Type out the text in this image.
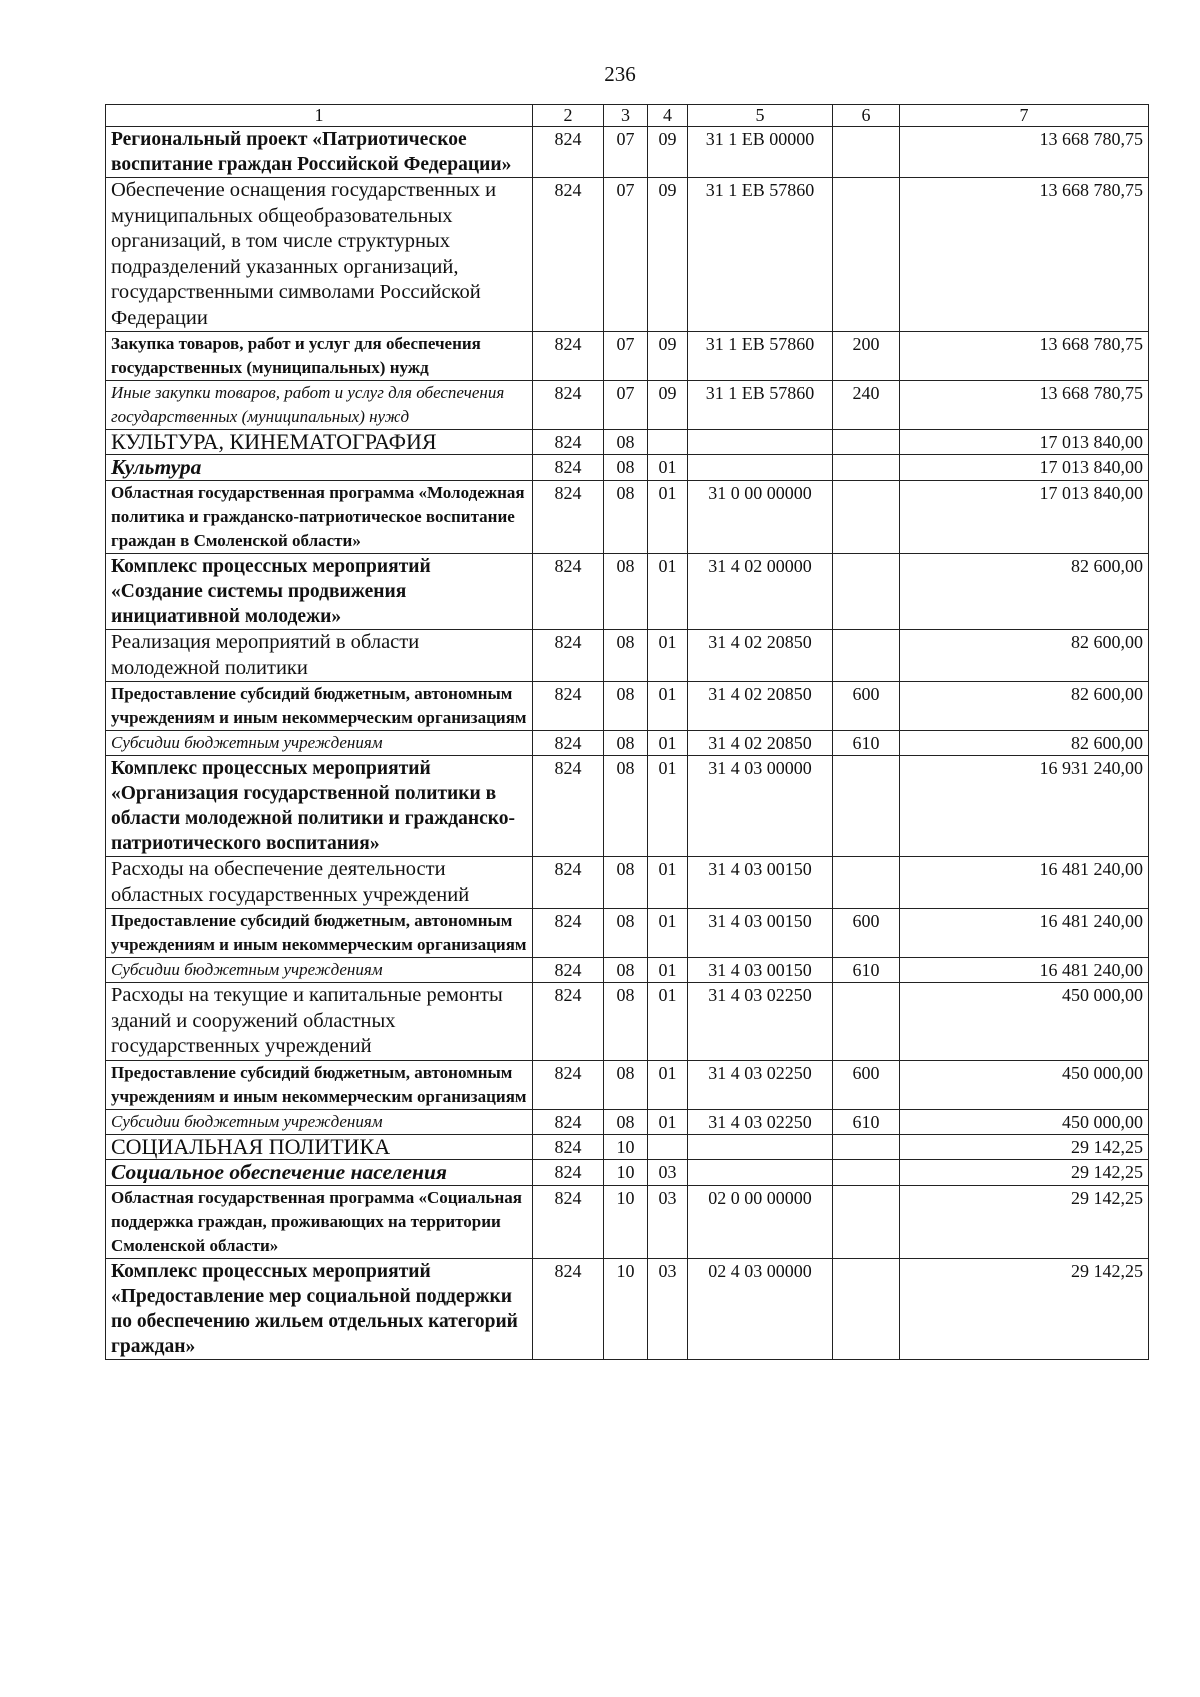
236
1	2	3	4	5	6	7
Региональный проект «Патриотическое воспитание граждан Российской Федерации»	824	07	09	31 1 ЕВ 00000		13 668 780,75
Обеспечение оснащения государственных и муниципальных общеобразовательных организаций, в том числе структурных подразделений указанных организаций, государственными символами Российской Федерации	824	07	09	31 1 ЕВ 57860		13 668 780,75
Закупка товаров, работ и услуг для обеспечения государственных (муниципальных) нужд	824	07	09	31 1 ЕВ 57860	200	13 668 780,75
Иные закупки товаров, работ и услуг для обеспечения государственных (муниципальных) нужд	824	07	09	31 1 ЕВ 57860	240	13 668 780,75
КУЛЬТУРА, КИНЕМАТОГРАФИЯ	824	08				17 013 840,00
Культура	824	08	01			17 013 840,00
Областная государственная программа «Молодежная политика и гражданско-патриотическое воспитание граждан в Смоленской области»	824	08	01	31 0 00 00000		17 013 840,00
Комплекс процессных мероприятий «Создание системы продвижения инициативной молодежи»	824	08	01	31 4 02 00000		82 600,00
Реализация мероприятий в области молодежной политики	824	08	01	31 4 02 20850		82 600,00
Предоставление субсидий бюджетным, автономным учреждениям и иным некоммерческим организациям	824	08	01	31 4 02 20850	600	82 600,00
Субсидии бюджетным учреждениям	824	08	01	31 4 02 20850	610	82 600,00
Комплекс процессных мероприятий «Организация государственной политики в области молодежной политики и гражданско-патриотического воспитания»	824	08	01	31 4 03 00000		16 931 240,00
Расходы на обеспечение деятельности областных государственных учреждений	824	08	01	31 4 03 00150		16 481 240,00
Предоставление субсидий бюджетным, автономным учреждениям и иным некоммерческим организациям	824	08	01	31 4 03 00150	600	16 481 240,00
Субсидии бюджетным учреждениям	824	08	01	31 4 03 00150	610	16 481 240,00
Расходы на текущие и капитальные ремонты зданий и сооружений областных государственных учреждений	824	08	01	31 4 03 02250		450 000,00
Предоставление субсидий бюджетным, автономным учреждениям и иным некоммерческим организациям	824	08	01	31 4 03 02250	600	450 000,00
Субсидии бюджетным учреждениям	824	08	01	31 4 03 02250	610	450 000,00
СОЦИАЛЬНАЯ ПОЛИТИКА	824	10				29 142,25
Социальное обеспечение населения	824	10	03			29 142,25
Областная государственная программа «Социальная поддержка граждан, проживающих на территории Смоленской области»	824	10	03	02 0 00 00000		29 142,25
Комплекс процессных мероприятий «Предоставление мер социальной поддержки по обеспечению жильем отдельных категорий граждан»	824	10	03	02 4 03 00000		29 142,25
